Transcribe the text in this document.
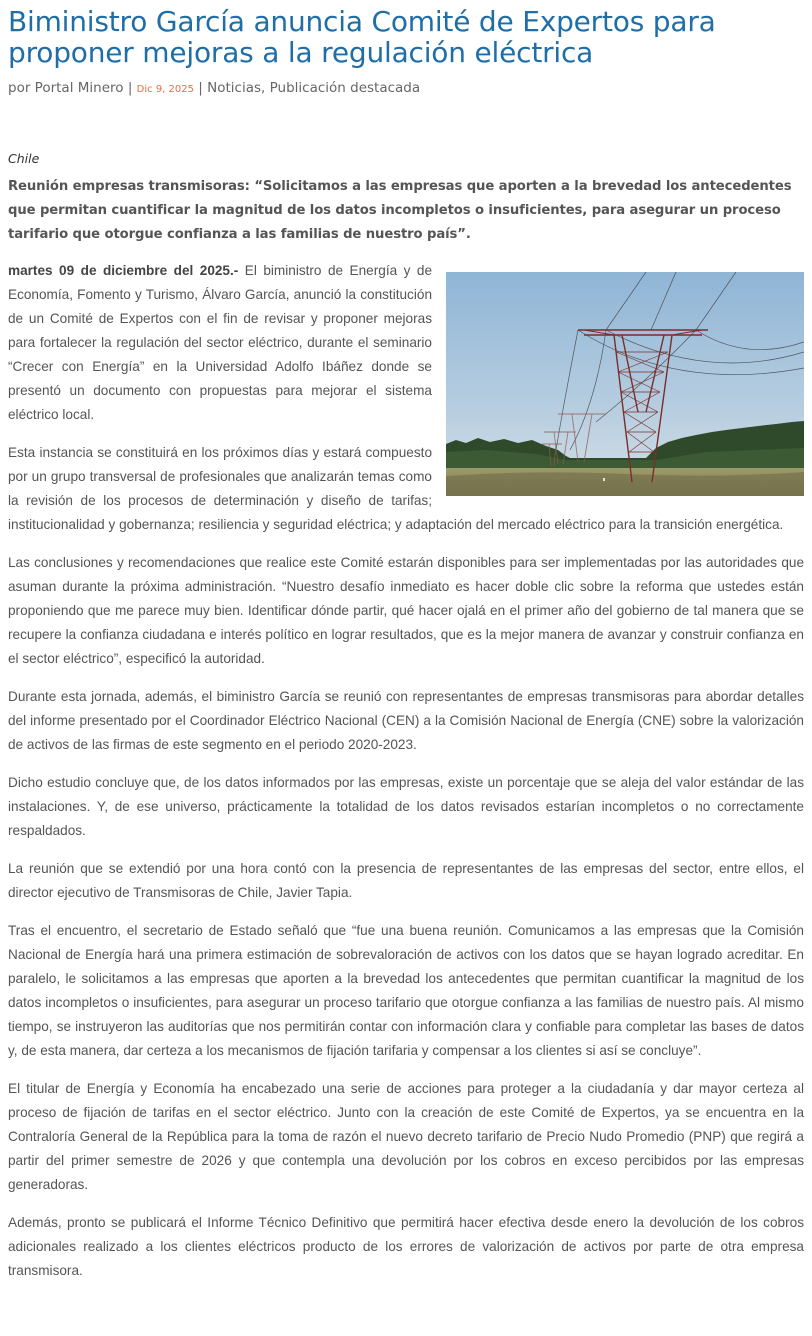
Biministro García anuncia Comité de Expertos para proponer mejoras a la regulación eléctrica
por Portal Minero | Dic 9, 2025 | Noticias, Publicación destacada
Chile
Reunión empresas transmisoras: “Solicitamos a las empresas que aporten a la brevedad los antecedentes que permitan cuantificar la magnitud de los datos incompletos o insuficientes, para asegurar un proceso tarifario que otorgue confianza a las familias de nuestro país”.

martes 09 de diciembre del 2025.- El biministro de Energía y de Economía, Fomento y Turismo, Álvaro García, anunció la constitución de un Comité de Expertos con el fin de revisar y proponer mejoras para fortalecer la regulación del sector eléctrico, durante el seminario “Crecer con Energía” en la Universidad Adolfo Ibáñez donde se presentó un documento con propuestas para mejorar el sistema eléctrico local.

Esta instancia se constituirá en los próximos días y estará compuesto por un grupo transversal de profesionales que analizarán temas como la revisión de los procesos de determinación y diseño de tarifas; institucionalidad y gobernanza; resiliencia y seguridad eléctrica; y adaptación del mercado eléctrico para la transición energética.

Las conclusiones y recomendaciones que realice este Comité estarán disponibles para ser implementadas por las autoridades que asuman durante la próxima administración. “Nuestro desafío inmediato es hacer doble clic sobre la reforma que ustedes están proponiendo que me parece muy bien. Identificar dónde partir, qué hacer ojalá en el primer año del gobierno de tal manera que se recupere la confianza ciudadana e interés político en lograr resultados, que es la mejor manera de avanzar y construir confianza en el sector eléctrico”, especificó la autoridad.

Durante esta jornada, además, el biministro García se reunió con representantes de empresas transmisoras para abordar detalles del informe presentado por el Coordinador Eléctrico Nacional (CEN) a la Comisión Nacional de Energía (CNE) sobre la valorización de activos de las firmas de este segmento en el periodo 2020-2023.

Dicho estudio concluye que, de los datos informados por las empresas, existe un porcentaje que se aleja del valor estándar de las instalaciones. Y, de ese universo, prácticamente la totalidad de los datos revisados estarían incompletos o no correctamente respaldados.

La reunión que se extendió por una hora contó con la presencia de representantes de las empresas del sector, entre ellos, el director ejecutivo de Transmisoras de Chile, Javier Tapia.

Tras el encuentro, el secretario de Estado señaló que “fue una buena reunión. Comunicamos a las empresas que la Comisión Nacional de Energía hará una primera estimación de sobrevaloración de activos con los datos que se hayan logrado acreditar. En paralelo, le solicitamos a las empresas que aporten a la brevedad los antecedentes que permitan cuantificar la magnitud de los datos incompletos o insuficientes, para asegurar un proceso tarifario que otorgue confianza a las familias de nuestro país. Al mismo tiempo, se instruyeron las auditorías que nos permitirán contar con información clara y confiable para completar las bases de datos y, de esta manera, dar certeza a los mecanismos de fijación tarifaria y compensar a los clientes si así se concluye”.

El titular de Energía y Economía ha encabezado una serie de acciones para proteger a la ciudadanía y dar mayor certeza al proceso de fijación de tarifas en el sector eléctrico. Junto con la creación de este Comité de Expertos, ya se encuentra en la Contraloría General de la República para la toma de razón el nuevo decreto tarifario de Precio Nudo Promedio (PNP) que regirá a partir del primer semestre de 2026 y que contempla una devolución por los cobros en exceso percibidos por las empresas generadoras.

Además, pronto se publicará el Informe Técnico Definitivo que permitirá hacer efectiva desde enero la devolución de los cobros adicionales realizado a los clientes eléctricos producto de los errores de valorización de activos por parte de otra empresa transmisora.
